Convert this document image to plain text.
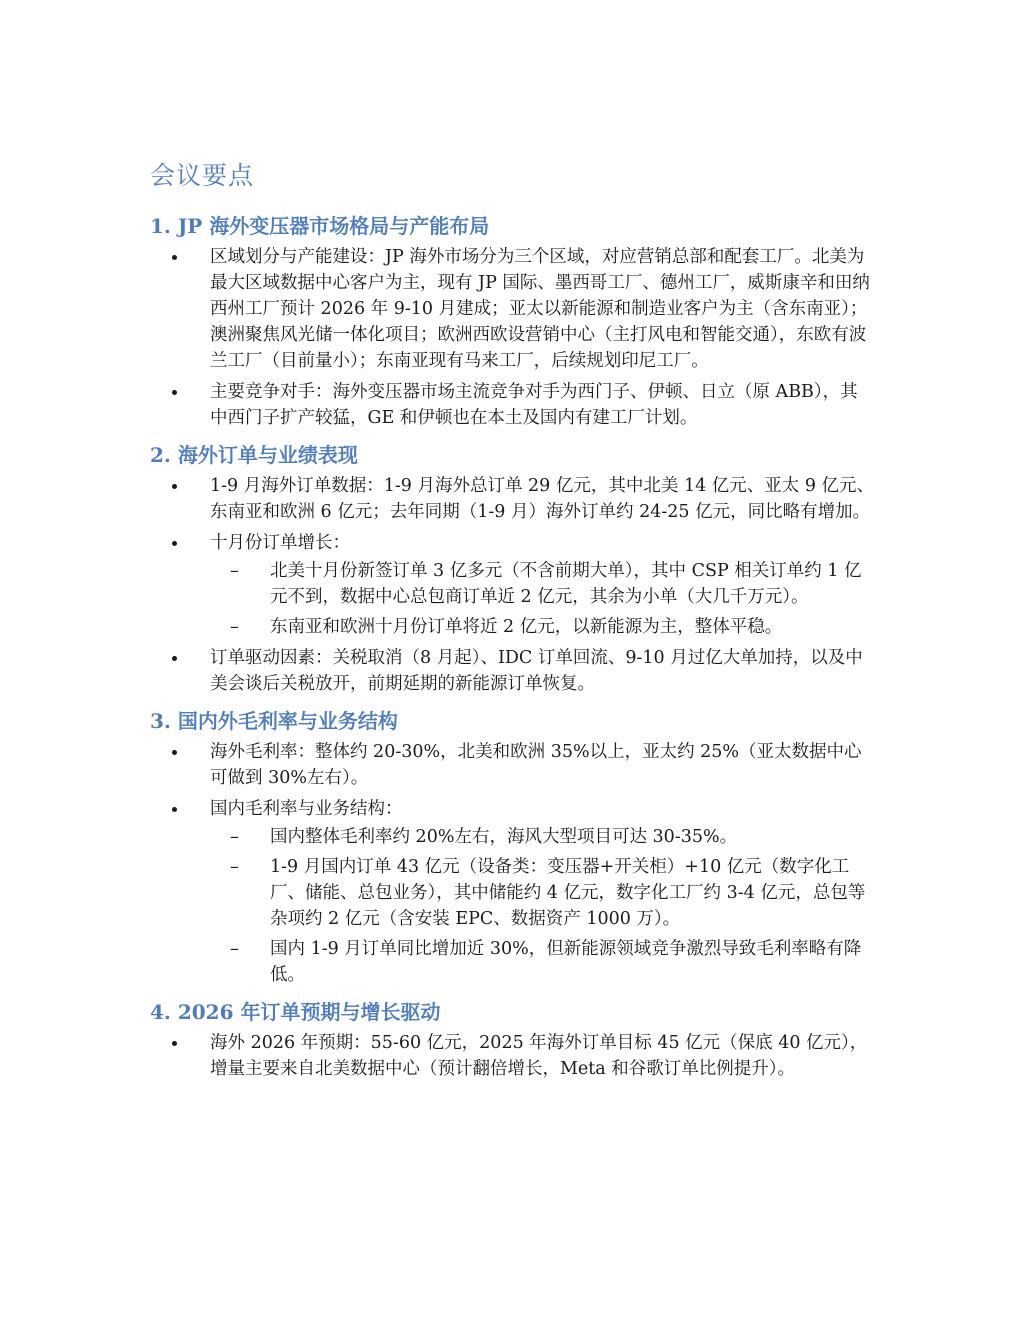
会议要点
1. JP 海外变压器市场格局与产能布局
区域划分与产能建设：JP 海外市场分为三个区域，对应营销总部和配套工厂。北美为最大区域数据中心客户为主，现有 JP 国际、墨西哥工厂、德州工厂，威斯康辛和田纳西州工厂预计 2026 年 9-10 月建成；亚太以新能源和制造业客户为主（含东南亚）；澳洲聚焦风光储一体化项目；欧洲西欧设营销中心（主打风电和智能交通），东欧有波兰工厂（目前量小）；东南亚现有马来工厂，后续规划印尼工厂。
主要竞争对手：海外变压器市场主流竞争对手为西门子、伊顿、日立（原 ABB），其中西门子扩产较猛，GE 和伊顿也在本土及国内有建工厂计划。
2. 海外订单与业绩表现
1-9 月海外订单数据：1-9 月海外总订单 29 亿元，其中北美 14 亿元、亚太 9 亿元、东南亚和欧洲 6 亿元；去年同期（1-9 月）海外订单约 24-25 亿元，同比略有增加。
十月份订单增长：
–	北美十月份新签订单 3 亿多元（不含前期大单），其中 CSP 相关订单约 1 亿元不到，数据中心总包商订单近 2 亿元，其余为小单（大几千万元）。
–	东南亚和欧洲十月份订单将近 2 亿元，以新能源为主，整体平稳。
订单驱动因素：关税取消（8 月起）、IDC 订单回流、9-10 月过亿大单加持，以及中美会谈后关税放开，前期延期的新能源订单恢复。
3. 国内外毛利率与业务结构
海外毛利率：整体约 20-30%，北美和欧洲 35%以上，亚太约 25%（亚太数据中心可做到 30%左右）。
国内毛利率与业务结构：
–	国内整体毛利率约 20%左右，海风大型项目可达 30-35%。
–	1-9 月国内订单 43 亿元（设备类：变压器+开关柜）+10 亿元（数字化工厂、储能、总包业务），其中储能约 4 亿元，数字化工厂约 3-4 亿元，总包等杂项约 2 亿元（含安装 EPC、数据资产 1000 万）。
–	国内 1-9 月订单同比增加近 30%，但新能源领域竞争激烈导致毛利率略有降低。
4. 2026 年订单预期与增长驱动
海外 2026 年预期：55-60 亿元，2025 年海外订单目标 45 亿元（保底 40 亿元），增量主要来自北美数据中心（预计翻倍增长，Meta 和谷歌订单比例提升）。
